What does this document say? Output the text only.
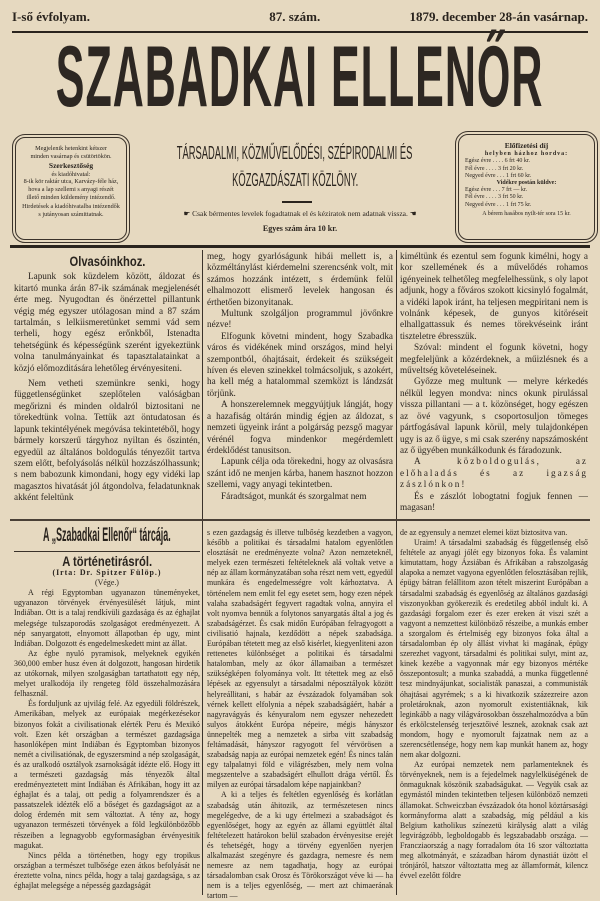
I-ső évfolyam.	87. szám.	1879. december 28-án vasárnap.
SZABADKAI ELLENŐR
Megjelenik hetenkint kétszer
minden vasárnap és csütörtökön.
Szerkesztőség
és kiadóhivatal:
8-ik kör raktár utca, Karvázy-féle ház, hova a lap szellemi s anyagi részét illető minden küldemény intézendő.
Hirdetések a kiadóhivatalba intézendők s jutányosan számittatnak.
TÁRSADALMI, KÖZMŰVELŐDÉSI, SZÉPIRODALMI ÉS
KÖZGAZDÁSZATI KÖZLÖNY.
☛ Csak bérmentes levelek fogadtatnak el és kéziratok nem adatnak vissza. ☚
Egyes szám ára 10 kr.
Előfizetési díj
helyben házhoz hordva:
Egész évre . . . . 6 frt 40 kr.
Fél évre . . . . 3 frt 20 kr.
Negyed évre . . . 1 frt 60 kr.
Vidékre postán küldve:
Egész évre . . . 7 frt — kr.
Fél évre . . . . 3 frt 50 kr.
Negyed évre . . . 1 frt 75 kr.
A bérem hasábos nyilt-tér sora 15 kr.
Olvasóinkhoz.

Lapunk sok küzdelem között, áldozat és kitartó munka árán 87-ik számának megjelenését érte meg. Nyugodtan és önérzettel pillantunk végig még egyszer utólagosan mind a 87 szám tartalmán, s lelkiismeretünket semmi vád sem terheli, hogy egész erőnkből, Istenadta tehetségünk és képességünk szerént igyekeztünk volna tanulmányainkat és tapasztalatainkat a közjó előmozditására lehetőleg érvényesiteni.

Nem vetheti szemünkre senki, hogy függetlenségünket szeplőtelen valóságban megőrizni és minden oldalról biztositani ne törekedtünk volna. Tettük azt öntudatosan és lapunk tekintélyének megóvása tekintetéből, hogy bármely korszerű tárgyhoz nyiltan és őszintén, egyedül az általános boldogulás tényezőit tartva szem előtt, befolyásolás nélkül hozzászólhassunk; s nem babozunk kimondani, hogy egy vidéki lap magasztos hivatását jól átgondolva, feladatunknak akként feleltünk

meg, hogy gyarlóságunk hibái mellett is, a közméltánylást kiérdemelni szerencsénk volt, mit számos hozzánk intézett, s érdemünk felül elhalmozott elismerő levelek hangosan és érthetően bizonyitanak.

Multunk szolgáljon programmul jövőnkre nézve!

Elfogunk követni mindent, hogy Szabadka város és vidékének mind országos, mind helyi szempontból, óhajtásait, érdekeit és szükségeit híven és eleven szinekkel tolmácsoljuk, s azokért, ha kell még a hatalommal szemközt is lándzsát törjünk.

A honszerelemnek meggyújtjuk lángját, hogy a hazafiság oltárán mindig égjen az áldozat, s nemzeti ügyeink iránt a polgárság pezsgő magyar vérénél fogva mindenkor megérdemlett érdeklődést tanusitson.

Lapunk célja oda törekedni, hogy az olvasásra szánt idő ne menjen kárba, hanem hasznot hozzon szellemi, vagy anyagi tekintetben.

Fáradtságot, munkát és szorgalmat nem

kiméltünk és ezentul sem fogunk kimélni, hogy a kor szellemének és a művelődés rohamos igényeinek telhetőleg megfelelhessünk, s oly lapot adjunk, hogy a főváros szokott kicsinyló fogalmát, a vidéki lapok iránt, ha teljesen megpiritani nem is volnánk képesek, de gunyos kitöréseit elhallgattassuk és nemes törekvéseink iránt tiszteletre ébresszük.

Szóval: mindent el fogunk követni, hogy megfeleljünk a közérdeknek, a műizlésnek és a műveltség követeléseinek.

Győzze meg multunk — melyre kérkedés nélkül legyen mondva: nincs okunk pirulással vissza pillantani — a t. közönséget, hogy egészen az övé vagyunk, s csoportosuljon tömeges pártfogásával lapunk körül, mely tulajdonképen ugy is az ő ügye, s mi csak szerény napszámosként az ő ügyében munkálkodunk és fáradozunk.

A közboldogulás, az előhaladás és az igazság zászlónkon!

És e zászlót lobogtatni fogjuk fennen — magasan!

A „Szabadkai Ellenőr“ tárcája.
A történetirásról.

(Irta: Dr. Spitzer Fülöp.)

(Vége.)

A régi Egyptomban ugyanazon tüneményeket, ugyanazon törvények érvényesülését látjuk, mint Indiában. Ott is a talaj rendkívüli gazdasága és az éghajlat melegsége tulszaporodás szolgaságot eredményezett. A nép sanyargatott, elnyomott állapotban ép ugy, mint Indiában. Dolgozott és engedelmeskedett mint az állat.

Az égbe nyuló pyramisok, melyeknek egyikén 360,000 ember husz éven át dolgozott, hangosan hirdetik az utókornak, milyen szolgaságban tartathatott egy nép, melyet uralkodója ily rengeteg föld összehalmozására felhasznál.

És forduljunk az ujvilág felé. Az egyedüli földrészek, Amerikában, melyek az európaiak megérkezésekor bizonyos fokát a civilisationak elérték Peru és Mexikó volt. Ezen két országban a természet gazdagsága hasonlóképen mint Indiában és Egyptomban bizonyos nemét a civilisatiónak, de egyszersmind a nép szolgaságát, és az uralkodó osztályok zsarnokságát idézte elő. Hogy itt a természeti gazdagság más tényezők által eredményeztetett mint Indiában és Afrikában, hogy itt az éghajlat és a talaj, ott pedig a folyamrendszer és a passatszelek idézték elő a bőséget és gazdagságot az a dolog érdemén mit sem változtat. A tény az, hogy ugyanazon természeti törvények a föld legkülönbözőbb részeiben a legnagyobb egyformaságban érvényesitik magukat.

Nincs példa a történetben, hogy egy tropikus országban a természet tulbősége ezen átkos befolyását ne éreztette volna, nincs példa, hogy a talaj gazdagsága, s az éghajlat melegsége a népesség gazdagságát

s ezen gazdagság és illetve tulbőség kezdetben a vagyon, később a politikai és társadalmi hatalom egyenlőtlen elosztását ne eredményezte volna? Azon nemzeteknél, melyek ezen természeti feltételeknek alá voltak vetve a nép az állam kormányzatában soha részt nem vett, egyedül munkára és engedelmességre volt kárhoztatva. A történelem nem emlit fel egy esetet sem, hogy ezen népek valaha szabadságért fegyvert ragadtak volna, annyira el volt nyomva bennük a folytonos sanyargatás által a jog és szabadságérzet. És csak midőn Európában felragyogott a civilisatió hajnala, kezdődött a népek szabadsága. Európában tétetett meg az első kisérlet, kiegyenliteni azon rettenetes különbséget a politikai és társadalmi hatalomban, mely az ókor államaiban a természet szükségképen folyománya volt. Itt tétettek meg az első lépések az egyensulyt a társadalmi néposztályok között helyreállitani, s habár az évszázadok folyamában sok vérnek kellett elfolynia a népek szabadságáért, habár a nagyravágyás és kényuralom nem egyszer nehezedett sulyos átokként Európa népeire, mégis hányszor ünnepelték meg a nemzetek a sirba vitt szabadság feltámadását, hányszor ragyogott fel vérvörösen a szabadság napja az európai nemzetek egén! És nincs talán egy talpalatnyi föld e világrészben, mely nem volna megszentelve a szabadságért elhullott drága vértől. És milyen az európai társadalom képe napjainkban?

A ki a teljes és feltétlen egyenlőség és korlátlan szabadság után áhitozik, az természetesen nincs megelégedve, de a ki ugy értelmezi a szabadságot és egyenlőséget, hogy az egyén az állami együttlét által feltételezett határokon belül szabadon érvényesitse erejét és tehetségét, hogy a törvény egyenlően nyerjen alkalmazást szegényre és gazdagra, nemesre és nem nemesre az nem tagadhatja, hogy az európai társadalomban csak Orosz és Törökországot véve ki — ha nem is a teljes egyenlőség, — mert azt chimaerának tartom —

de az egyensuly a nemzet elemei közt biztositva van.

Uraim! A társadalmi szabadság és függetlenség első feltétele az anyagi jólét egy bizonyos foka. És valamint kimutattam, hogy Ázsiában és Afrikában a rabszolgaság alapoka a nemzet vagyona egyenlőtlen felosztásában rejlik, épügy bátran felállitom azon tételt miszerint Európában a társadalmi szabadság és egyenlőség az általános gazdasági viszonyokban gyökerezik és eredetileg abból indult ki. A gazdasági forgalom ezer és ezer ereken át viszi szét a vagyont a nemzettest különböző részeibe, a munkás ember a szorgalom és értelmiség egy bizonyos foka által a társadalomban ép oly állást vivhat ki magának, épügy szerezhet vagyont, társadalmi és politikai sulyt, mint az, kinek kezébe a vagyonnak már egy bizonyos mértéke összepontosult; a munka szabaddá, a munka függetlenné tesz mindnyájunkat, socialisták panaszai, a communisták óhajtásai agyrémek; s a ki hivatkozik százezreire azon proletároknak, azon nyomorult existentiáknak, kik leginkább a nagy világvárosokban összehalmozódva a bűn és erkölcstelenség terjesztőivé lesznek, azoknak csak azt mondom, hogy e nyomorult fajzatnak nem az a szerencsétlensége, hogy nem kap munkát hanem az, hogy nem akar dolgozni.

Az európai nemzetek nem parlamenteknek és törvényeknek, nem is a fejedelmek nagylelküségének de önmaguknak köszönik szabadságukat. — Vegyük csak az egymástól minden tekintetben teljesen különböző nemzeti államokat. Schweiczban évszázadok óta honol köztársasági kormányforma alatt a szabadság, míg például a kis Belgium katholikus színezetü királyság alatt a világ legvirágzóbb, legboldogabb és legszabadabb országa. — Francziaország a nagy forradalom óta 16 szor változtatta meg alkotmányát, e században három dynastiát üzött el trónjáról, hatszor változtatta meg az államformát, kilencz évvel ezelőtt földre
